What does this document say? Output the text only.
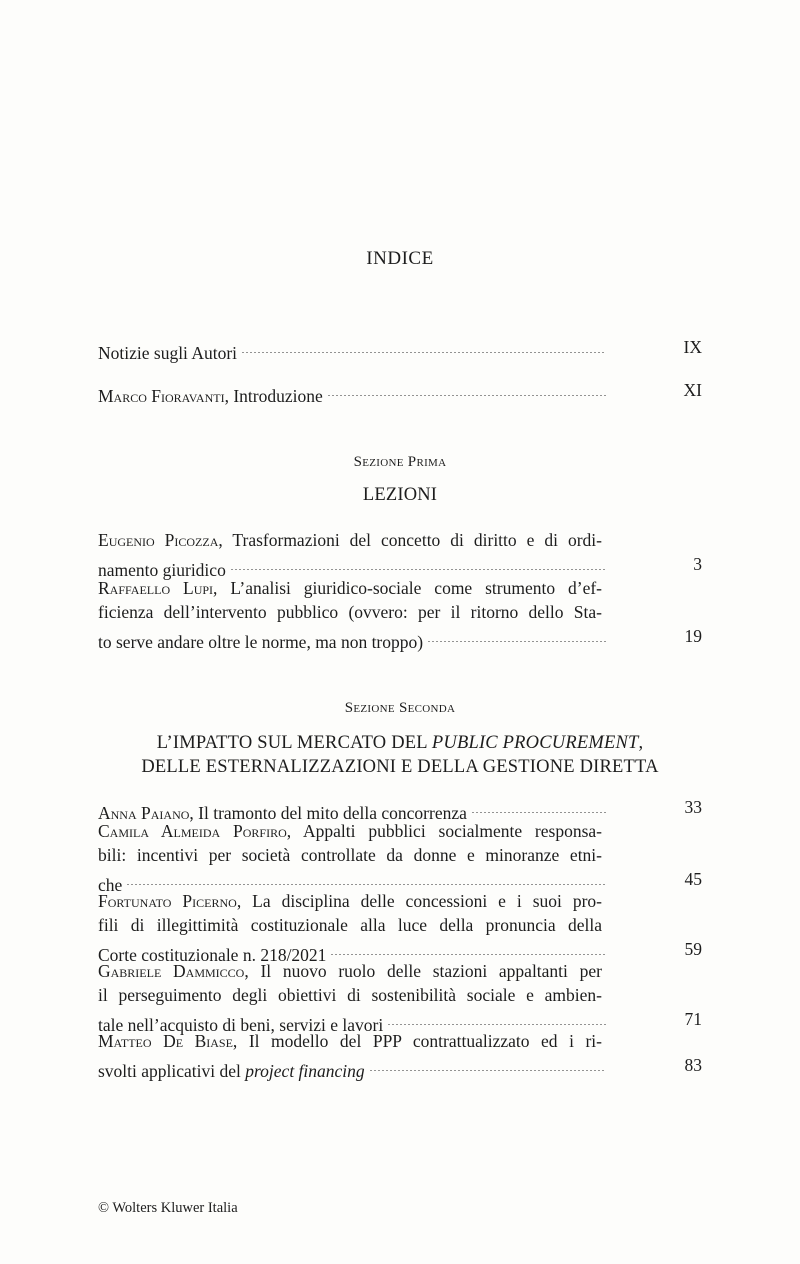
INDICE
Notizie sugli Autori	IX
Marco Fioravanti, Introduzione	XI
Sezione Prima
LEZIONI
Eugenio Picozza, Trasformazioni del concetto di diritto e di ordi-
namento giuridico	3
Raffaello Lupi, L’analisi giuridico-sociale come strumento d’ef-
ficienza dell’intervento pubblico (ovvero: per il ritorno dello Sta-
to serve andare oltre le norme, ma non troppo)	19
Sezione Seconda
L’IMPATTO SUL MERCATO DEL PUBLIC PROCUREMENT,
DELLE ESTERNALIZZAZIONI E DELLA GESTIONE DIRETTA
Anna Paiano, Il tramonto del mito della concorrenza	33
Camila Almeida Porfiro, Appalti pubblici socialmente responsa-
bili: incentivi per società controllate da donne e minoranze etni-
che	45
Fortunato Picerno, La disciplina delle concessioni e i suoi pro-
fili di illegittimità costituzionale alla luce della pronuncia della
Corte costituzionale n. 218/2021	59
Gabriele Dammicco, Il nuovo ruolo delle stazioni appaltanti per
il perseguimento degli obiettivi di sostenibilità sociale e ambien-
tale nell’acquisto di beni, servizi e lavori	71
Matteo De Biase, Il modello del PPP contrattualizzato ed i ri-
svolti applicativi del project financing	83
© Wolters Kluwer Italia
